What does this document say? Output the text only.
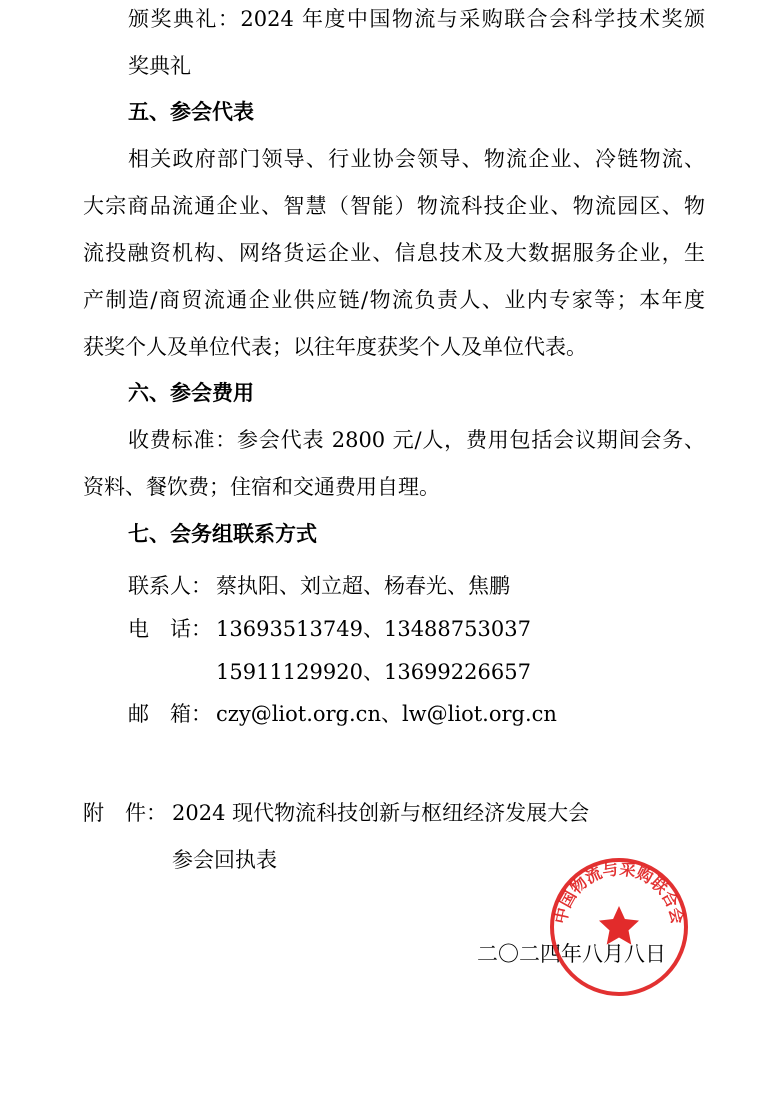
颁奖典礼：2024 年度中国物流与采购联合会科学技术奖颁
奖典礼
五、参会代表
相关政府部门领导、行业协会领导、物流企业、冷链物流、
大宗商品流通企业、智慧（智能）物流科技企业、物流园区、物
流投融资机构、网络货运企业、信息技术及大数据服务企业，生
产制造/商贸流通企业供应链/物流负责人、业内专家等；本年度
获奖个人及单位代表；以往年度获奖个人及单位代表。
六、参会费用
收费标准：参会代表 2800 元/人，费用包括会议期间会务、
资料、餐饮费；住宿和交通费用自理。
七、会务组联系方式
联系人： 蔡执阳、刘立超、杨春光、焦鹏
电　话： 13693513749、13488753037
15911129920、13699226657
邮　箱： czy@liot.org.cn、lw@liot.org.cn
附　件： 2024 现代物流科技创新与枢纽经济发展大会
参会回执表
二〇二四年八月八日
中国物流与采购联合会
